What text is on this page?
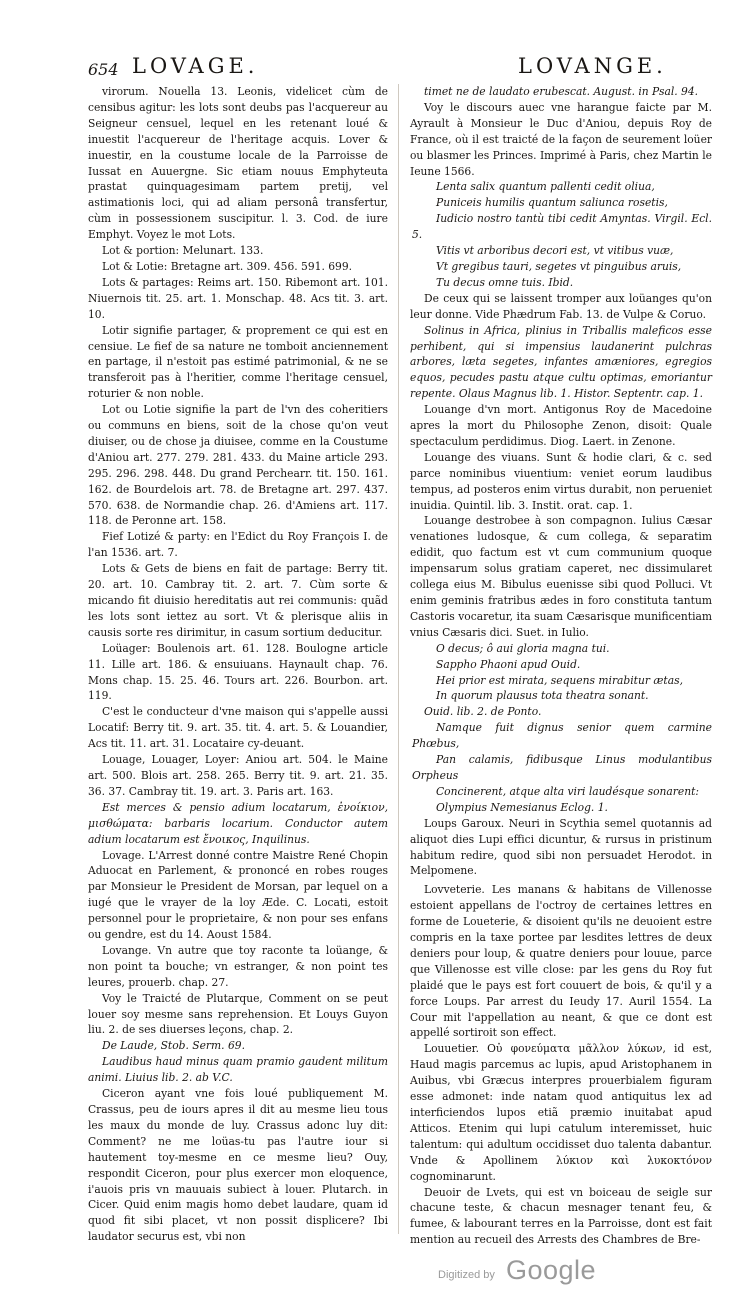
654 LOVAGE.	LOVANGE.

virorum. Nouella 13. Leonis, videlicet cùm de censibus agitur: les lots sont deubs pas l'acquereur au Seigneur censuel, lequel en les retenant loué & inuestit l'acquereur de l'heritage acquis. Lover & inuestir, en la coustume locale de la Parroisse de Iussat en Auuergne. Sic etiam nouus Emphyteuta prastat quinquagesimam partem pretij, vel astimationis loci, qui ad aliam personâ transfertur, cùm in possessionem suscipitur. l. 3. Cod. de iure Emphyt. Voyez le mot Lots.

Lot & portion: Melunart. 133.

Lot & Lotie: Bretagne art. 309. 456. 591. 699.

Lots & partages: Reims art. 150. Ribemont art. 101. Niuernois tit. 25. art. 1. Monschap. 48. Acs tit. 3. art. 10.

Lotir signifie partager, & proprement ce qui est en censiue. Le fief de sa nature ne tomboit anciennement en partage, il n'estoit pas estimé patrimonial, & ne se transferoit pas à l'heritier, comme l'heritage censuel, roturier & non noble.

Lot ou Lotie signifie la part de l'vn des coheritiers ou communs en biens, soit de la chose qu'on veut diuiser, ou de chose ja diuisee, comme en la Coustume d'Aniou art. 277. 279. 281. 433. du Maine article 293. 295. 296. 298. 448. Du grand Perchearr. tit. 150. 161. 162. de Bourdelois art. 78. de Bretagne art. 297. 437. 570. 638. de Normandie chap. 26. d'Amiens art. 117. 118. de Peronne art. 158.

Fief Lotizé & party: en l'Edict du Roy François I. de l'an 1536. art. 7.

Lots & Gets de biens en fait de partage: Berry tit. 20. art. 10. Cambray tit. 2. art. 7. Cùm sorte & micando fit diuisio hereditatis aut rei communis: quãd les lots sont iettez au sort. Vt & plerisque aliis in causis sorte res dirimitur, in casum sortium deducitur.

Loüager: Boulenois art. 61. 128. Boulogne article 11. Lille art. 186. & ensuiuans. Haynault chap. 76. Mons chap. 15. 25. 46. Tours art. 226. Bourbon. art. 119.

C'est le conducteur d'vne maison qui s'appelle aussi Locatif: Berry tit. 9. art. 35. tit. 4. art. 5. & Louandier, Acs tit. 11. art. 31. Locataire cy-deuant.

Louage, Louager, Loyer: Aniou art. 504. le Maine art. 500. Blois art. 258. 265. Berry tit. 9. art. 21. 35. 36. 37. Cambray tit. 19. art. 3. Paris art. 163.

Est merces & pensio adium locatarum, ἐνοίκιον, μισθώματα: barbaris locarium. Conductor autem adium locatarum est ἔνοικος, Inquilinus.

Lovage. L'Arrest donné contre Maistre René Chopin Aduocat en Parlement, & prononcé en robes rouges par Monsieur le President de Morsan, par lequel on a iugé que le vrayer de la loy Æde. C. Locati, estoit personnel pour le proprietaire, & non pour ses enfans ou gendre, est du 14. Aoust 1584.

Lovange. Vn autre que toy raconte ta loüange, & non point ta bouche; vn estranger, & non point tes leures, prouerb. chap. 27.

Voy le Traicté de Plutarque, Comment on se peut louer soy mesme sans reprehension. Et Louys Guyon liu. 2. de ses diuerses leçons, chap. 2.

De Laude, Stob. Serm. 69.

Laudibus haud minus quam pramio gaudent militum animi. Liuius lib. 2. ab V.C.

Ciceron ayant vne fois loué publiquement M. Crassus, peu de iours apres il dit au mesme lieu tous les maux du monde de luy. Crassus adonc luy dit: Comment? ne me loüas-tu pas l'autre iour si hautement toy-mesme en ce mesme lieu? Ouy, respondit Ciceron, pour plus exercer mon eloquence, i'auois pris vn mauuais subiect à louer. Plutarch. in Cicer. Quid enim magis homo debet laudare, quam id quod fit sibi placet, vt non possit displicere? Ibi laudator securus est, vbi non

timet ne de laudato erubescat. August. in Psal. 94.

Voy le discours auec vne harangue faicte par M. Ayrault à Monsieur le Duc d'Aniou, depuis Roy de France, où il est traicté de la façon de seurement loüer ou blasmer les Princes. Imprimé à Paris, chez Martin le Ieune 1566.

Lenta salix quantum pallenti cedit oliua,

Puniceis humilis quantum saliunca rosetis,

Iudicio nostro tantù tibi cedit Amyntas. Virgil. Ecl. 5.

Vitis vt arboribus decori est, vt vitibus vuæ,

Vt gregibus tauri, segetes vt pinguibus aruis,

Tu decus omne tuis. Ibid.

De ceux qui se laissent tromper aux loüanges qu'on leur donne. Vide Phædrum Fab. 13. de Vulpe & Coruo.

Solinus in Africa, plinius in Triballis maleficos esse perhibent, qui si impensius laudanerint pulchras arbores, læta segetes, infantes amæniores, egregios equos, pecudes pastu atque cultu optimas, emoriantur repente. Olaus Magnus lib. 1. Histor. Septentr. cap. 1.

Louange d'vn mort. Antigonus Roy de Macedoine apres la mort du Philosophe Zenon, disoit: Quale spectaculum perdidimus. Diog. Laert. in Zenone.

Louange des viuans. Sunt & hodie clari, & c. sed parce nominibus viuentium: veniet eorum laudibus tempus, ad posteros enim virtus durabit, non perueniet inuidia. Quintil. lib. 3. Instit. orat. cap. 1.

Louange destrobee à son compagnon. Iulius Cæsar venationes ludosque, & cum collega, & separatim edidit, quo factum est vt cum communium quoque impensarum solus gratiam caperet, nec dissimularet collega eius M. Bibulus euenisse sibi quod Polluci. Vt enim geminis fratribus ædes in foro constituta tantum Castoris vocaretur, ita suam Cæsarisque munificentiam vnius Cæsaris dici. Suet. in Iulio.

O decus; ô aui gloria magna tui.

Sappho Phaoni apud Ouid.

Hei prior est mirata, sequens mirabitur ætas,

In quorum plausus tota theatra sonant.

Ouid. lib. 2. de Ponto.

Namque fuit dignus senior quem carmine Phœbus,

Pan calamis, fidibusque Linus modulantibus Orpheus

Concinerent, atque alta viri laudésque sonarent:

Olympius Nemesianus Eclog. 1.

Loups Garoux. Neuri in Scythia semel quotannis ad aliquot dies Lupi effici dicuntur, & rursus in pristinum habitum redire, quod sibi non persuadet Herodot. in Melpomene.

Lovveterie. Les manans & habitans de Villenosse estoient appellans de l'octroy de certaines lettres en forme de Loueterie, & disoient qu'ils ne deuoient estre compris en la taxe portee par lesdites lettres de deux deniers pour loup, & quatre deniers pour louue, parce que Villenosse est ville close: par les gens du Roy fut plaidé que le pays est fort couuert de bois, & qu'il y a force Loups. Par arrest du Ieudy 17. Auril 1554. La Cour mit l'appellation au neant, & que ce dont est appellé sortiroit son effect.

Louuetier. Οὐ φονεύματα μᾶλλον λύκων, id est, Haud magis parcemus ac lupis, apud Aristophanem in Auibus, vbi Græcus interpres prouerbialem figuram esse admonet: inde natam quod antiquitus lex ad interficiendos lupos etiã præmio inuitabat apud Atticos. Etenim qui lupi catulum interemisset, huic talentum: qui adultum occidisset duo talenta dabantur. Vnde & Apollinem λύκιον καὶ λυκοκτόνον cognominarunt.

Deuoir de Lvets, qui est vn boiceau de seigle sur chacune teste, & chacun mesnager tenant feu, & fumee, & labourant terres en la Parroisse, dont est fait mention au recueil des Arrests des Chambres de Bre-

Digitized by Google
